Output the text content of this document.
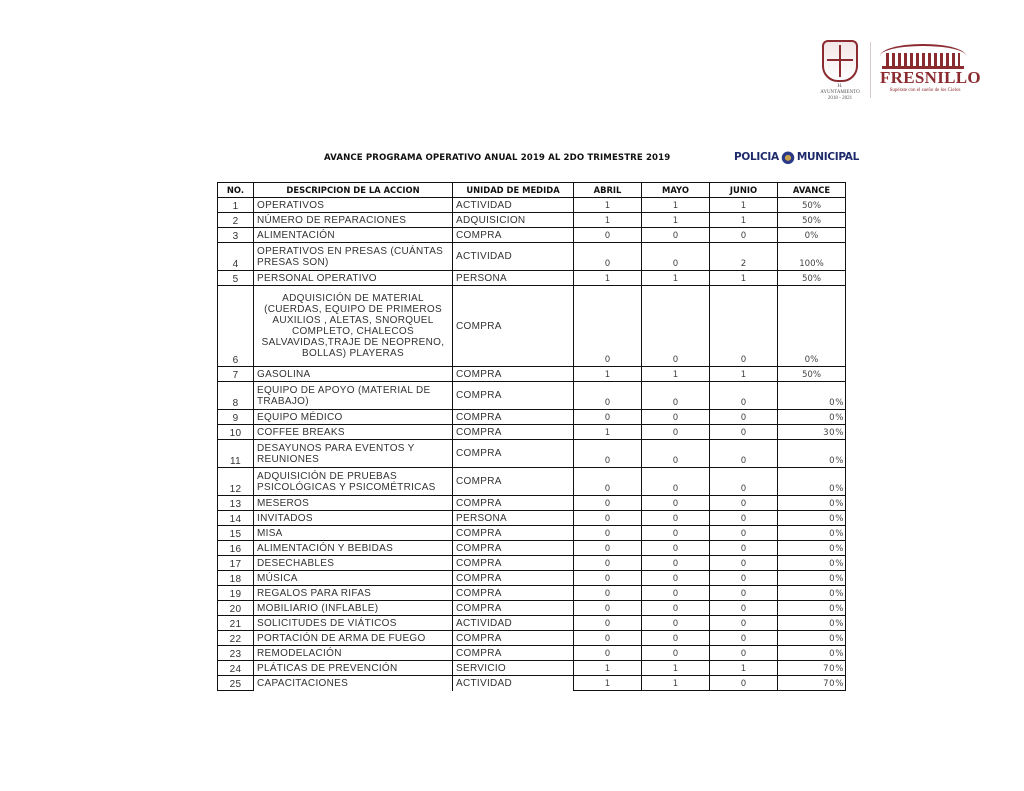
H. AYUNTAMIENTO
2018 - 2021
FRESNILLO
Supérate con el sueño de los Cielos
AVANCE PROGRAMA OPERATIVO ANUAL 2019 AL 2DO TRIMESTRE 2019	POLICIA MUNICIPAL
NO.	DESCRIPCION DE LA ACCION	UNIDAD DE MEDIDA	ABRIL	MAYO	JUNIO	AVANCE
1	OPERATIVOS	ACTIVIDAD	1	1	1	50%
2	NÚMERO DE REPARACIONES	ADQUISICION	1	1	1	50%
3	ALIMENTACIÓN	COMPRA	0	0	0	0%
4	OPERATIVOS EN PRESAS (CUÁNTAS PRESAS SON)	ACTIVIDAD	0	0	2	100%
5	PERSONAL OPERATIVO	PERSONA	1	1	1	50%
6	ADQUISICIÓN DE MATERIAL (CUERDAS, EQUIPO DE PRIMEROS AUXILIOS , ALETAS, SNORQUEL COMPLETO, CHALECOS SALVAVIDAS,TRAJE DE NEOPRENO, BOLLAS) PLAYERAS	COMPRA	0	0	0	0%
7	GASOLINA	COMPRA	1	1	1	50%
8	EQUIPO DE APOYO (MATERIAL DE TRABAJO)	COMPRA	0	0	0	0%
9	EQUIPO MÉDICO	COMPRA	0	0	0	0%
10	COFFEE BREAKS	COMPRA	1	0	0	30%
11	DESAYUNOS PARA EVENTOS Y REUNIONES	COMPRA	0	0	0	0%
12	ADQUISICIÓN DE PRUEBAS PSICOLÓGICAS Y PSICOMÉTRICAS	COMPRA	0	0	0	0%
13	MESEROS	COMPRA	0	0	0	0%
14	INVITADOS	PERSONA	0	0	0	0%
15	MISA	COMPRA	0	0	0	0%
16	ALIMENTACIÓN Y BEBIDAS	COMPRA	0	0	0	0%
17	DESECHABLES	COMPRA	0	0	0	0%
18	MÚSICA	COMPRA	0	0	0	0%
19	REGALOS PARA RIFAS	COMPRA	0	0	0	0%
20	MOBILIARIO (INFLABLE)	COMPRA	0	0	0	0%
21	SOLICITUDES DE VIÁTICOS	ACTIVIDAD	0	0	0	0%
22	PORTACIÓN DE ARMA DE FUEGO	COMPRA	0	0	0	0%
23	REMODELACIÓN	COMPRA	0	0	0	0%
24	PLÁTICAS DE PREVENCIÓN	SERVICIO	1	1	1	70%
25	CAPACITACIONES	ACTIVIDAD	1	1	0	70%
